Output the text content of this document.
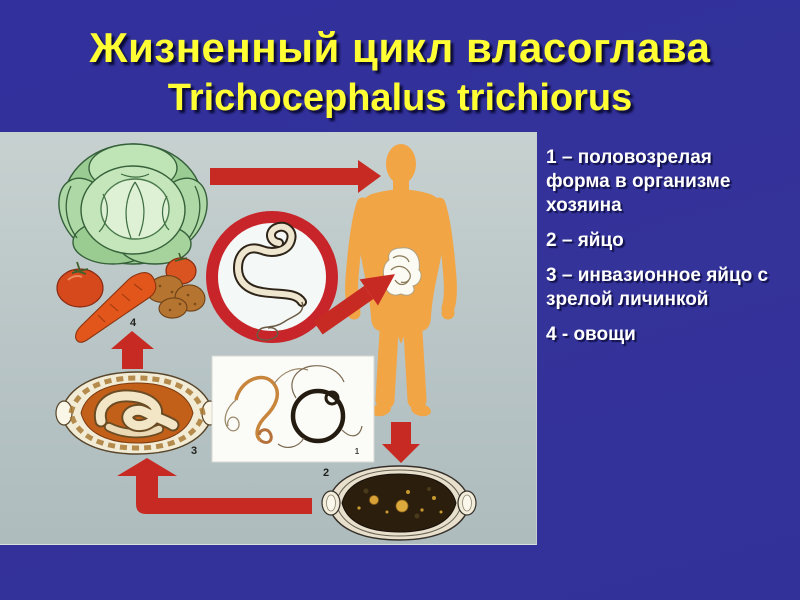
Жизненный цикл власоглава
Trichocephalus trichiorus
4
1
3
2
1 – половозрелая
форма в организме
хозяина
2 – яйцо
3 – инвазионное яйцо с
зрелой личинкой
4 - овощи
